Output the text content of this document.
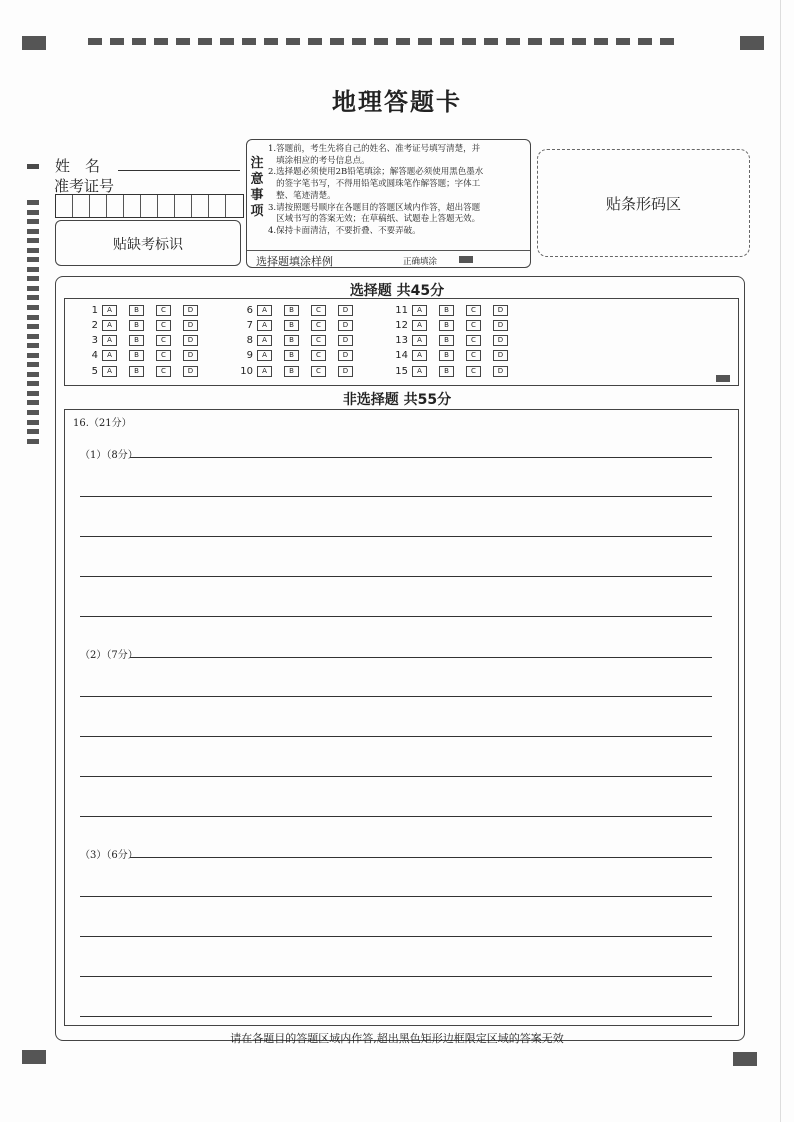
地理答题卡
姓　名
准考证号
贴缺考标识
注意事项
1.答题前，考生先将自己的姓名、准考证号填写清楚，并
填涂相应的考号信息点。
2.选择题必须使用2B铅笔填涂；解答题必须使用黑色墨水
的签字笔书写，不得用铅笔或圆珠笔作解答题；字体工
整、笔迹清楚。
3.请按照题号顺序在各题目的答题区域内作答，超出答题
区域书写的答案无效；在草稿纸、试题卷上答题无效。
4.保持卡面清洁，不要折叠、不要弄破。
选择题填涂样例	正确填涂
贴条形码区
选择题 共45分
1	A	B	C	D
2	A	B	C	D
3	A	B	C	D
4	A	B	C	D
5	A	B	C	D
6	A	B	C	D
7	A	B	C	D
8	A	B	C	D
9	A	B	C	D
10	A	B	C	D
11	A	B	C	D
12	A	B	C	D
13	A	B	C	D
14	A	B	C	D
15	A	B	C	D
非选择题 共55分
16.（21分）
（1）（8分）
（2）（7分）
（3）（6分）
请在各题目的答题区域内作答,超出黑色矩形边框限定区域的答案无效
